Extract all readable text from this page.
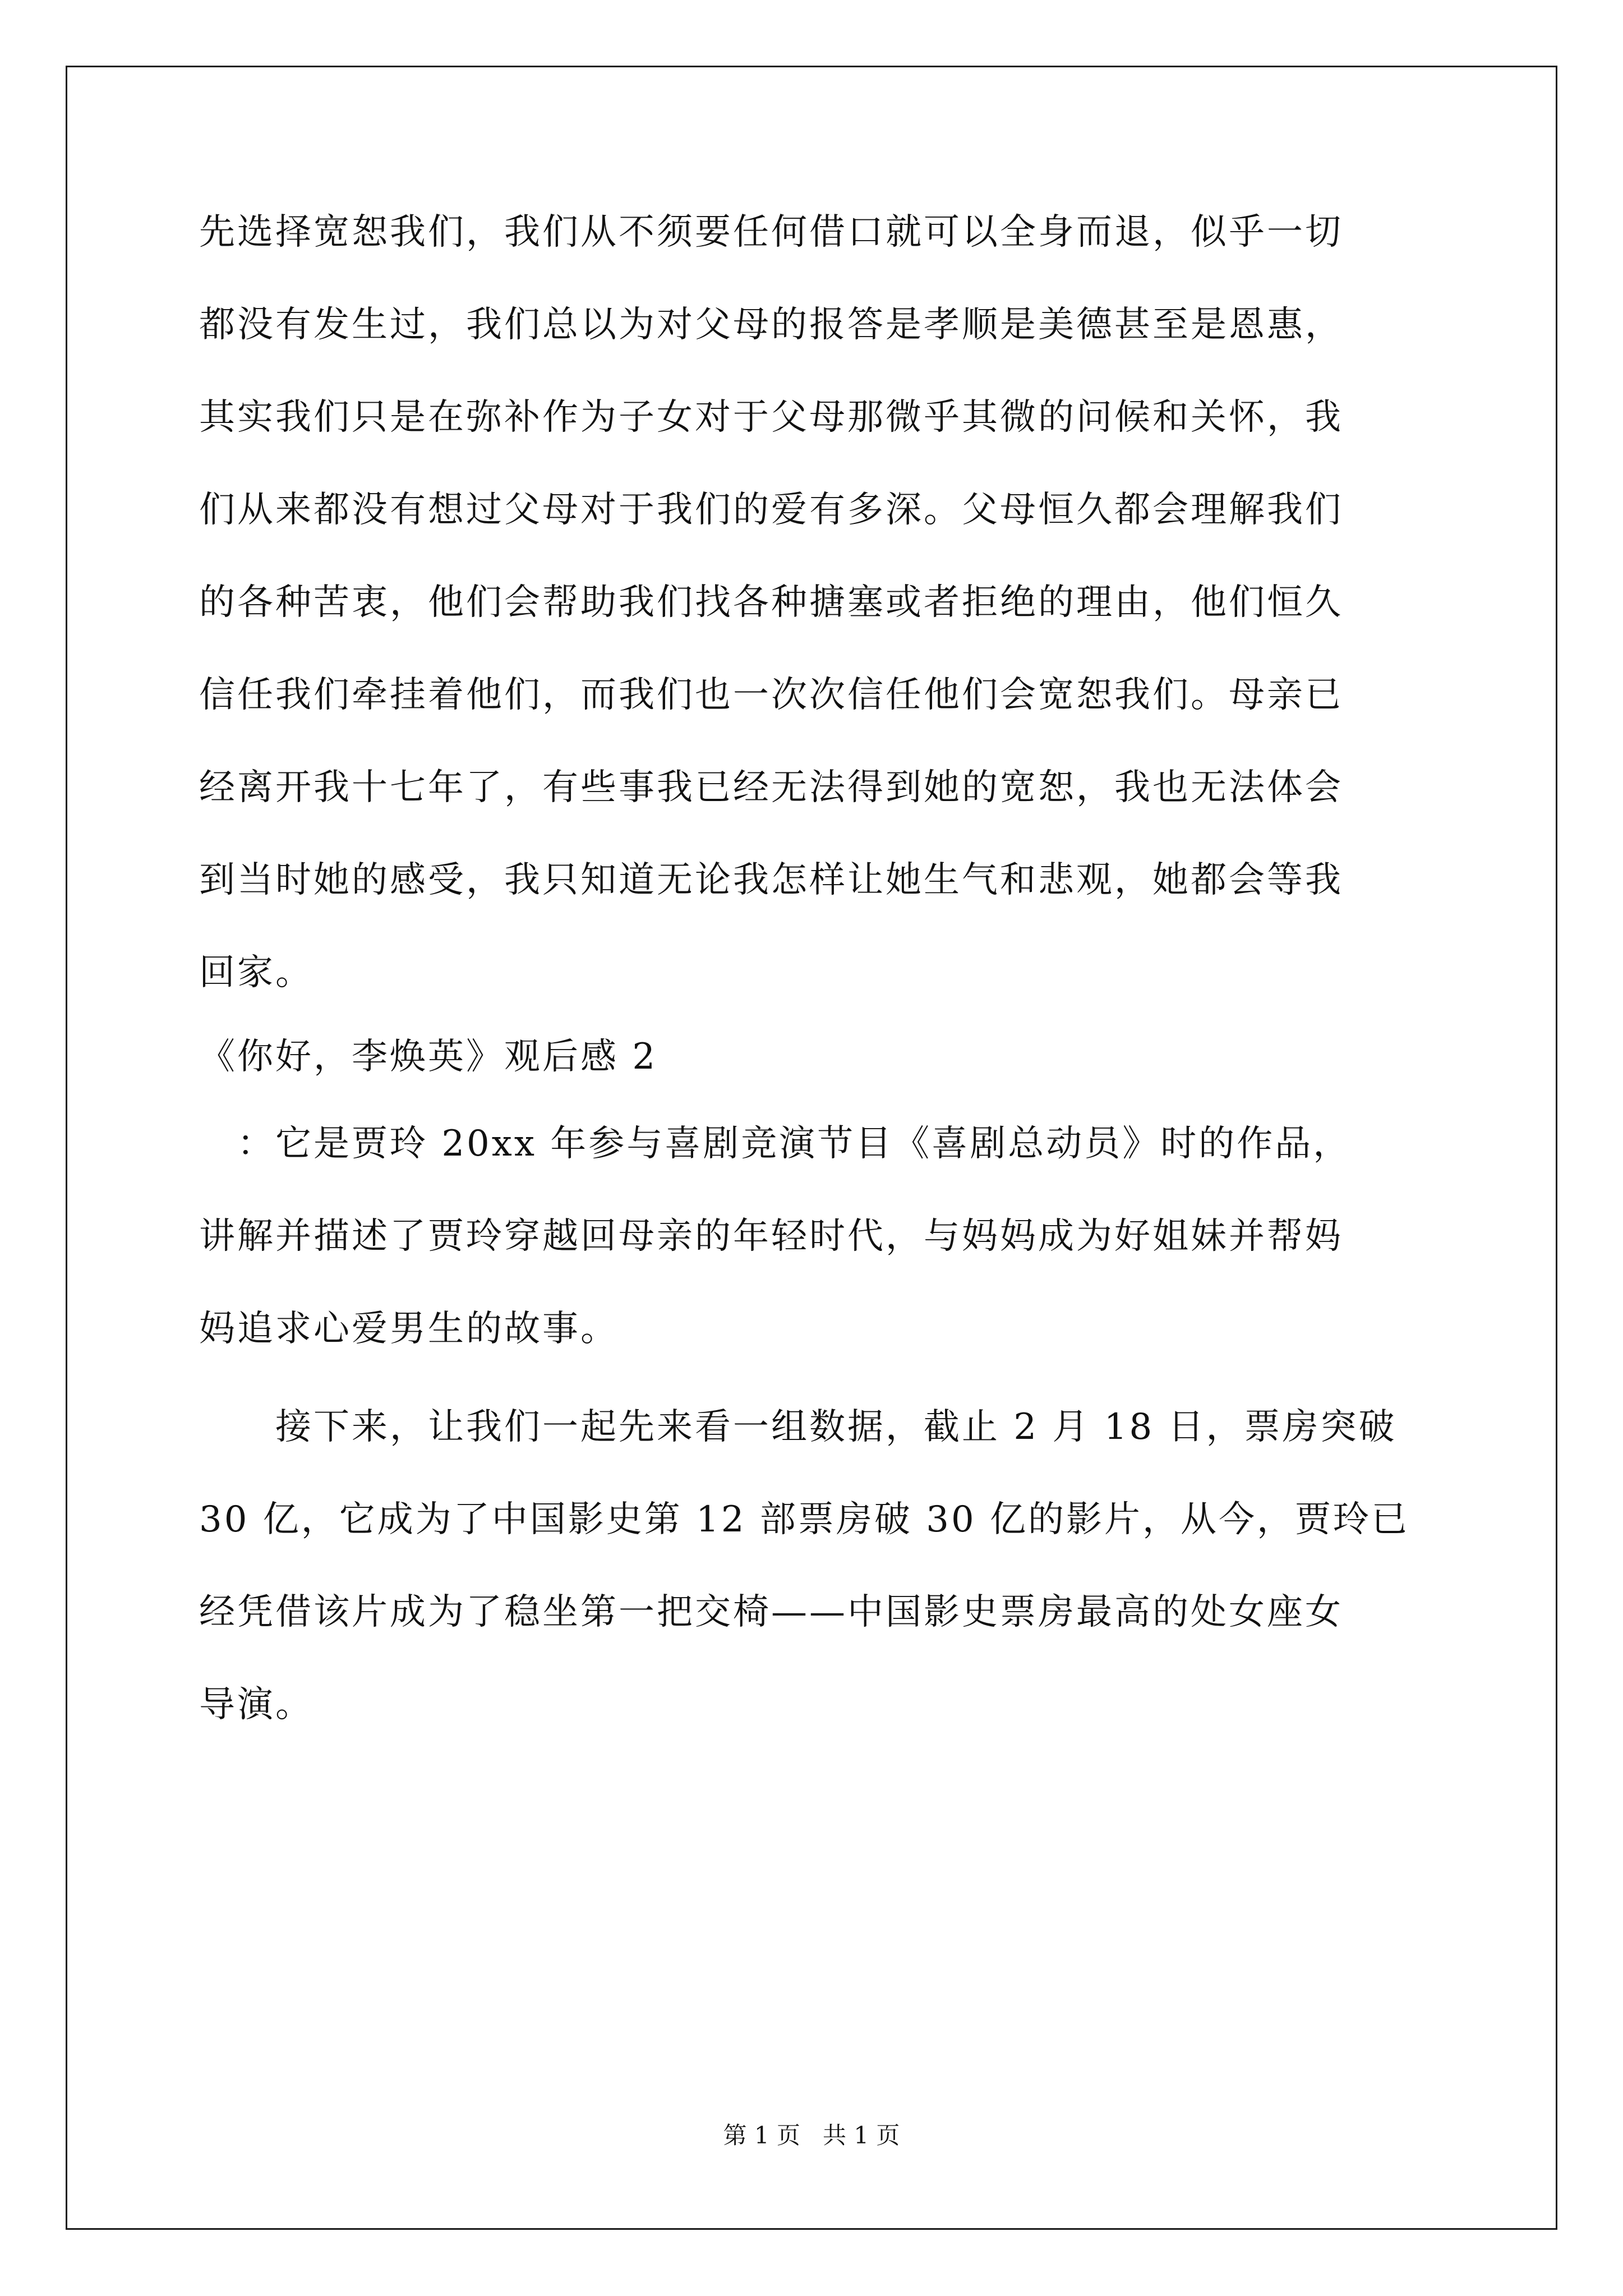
先选择宽恕我们，我们从不须要任何借口就可以全身而退，似乎一切
都没有发生过，我们总以为对父母的报答是孝顺是美德甚至是恩惠，
其实我们只是在弥补作为子女对于父母那微乎其微的问候和关怀，我
们从来都没有想过父母对于我们的爱有多深。父母恒久都会理解我们
的各种苦衷，他们会帮助我们找各种搪塞或者拒绝的理由，他们恒久
信任我们牵挂着他们，而我们也一次次信任他们会宽恕我们。母亲已
经离开我十七年了，有些事我已经无法得到她的宽恕，我也无法体会
到当时她的感受，我只知道无论我怎样让她生气和悲观，她都会等我
回家。
《你好，李焕英》观后感 2
　：它是贾玲 20xx 年参与喜剧竞演节目《喜剧总动员》时的作品，
讲解并描述了贾玲穿越回母亲的年轻时代，与妈妈成为好姐妹并帮妈
妈追求心爱男生的故事。
　　接下来，让我们一起先来看一组数据，截止 2 月 18 日，票房突破
30 亿，它成为了中国影史第 12 部票房破 30 亿的影片，从今，贾玲已
经凭借该片成为了稳坐第一把交椅——中国影史票房最高的处女座女
导演。
第 1 页 共 1 页
